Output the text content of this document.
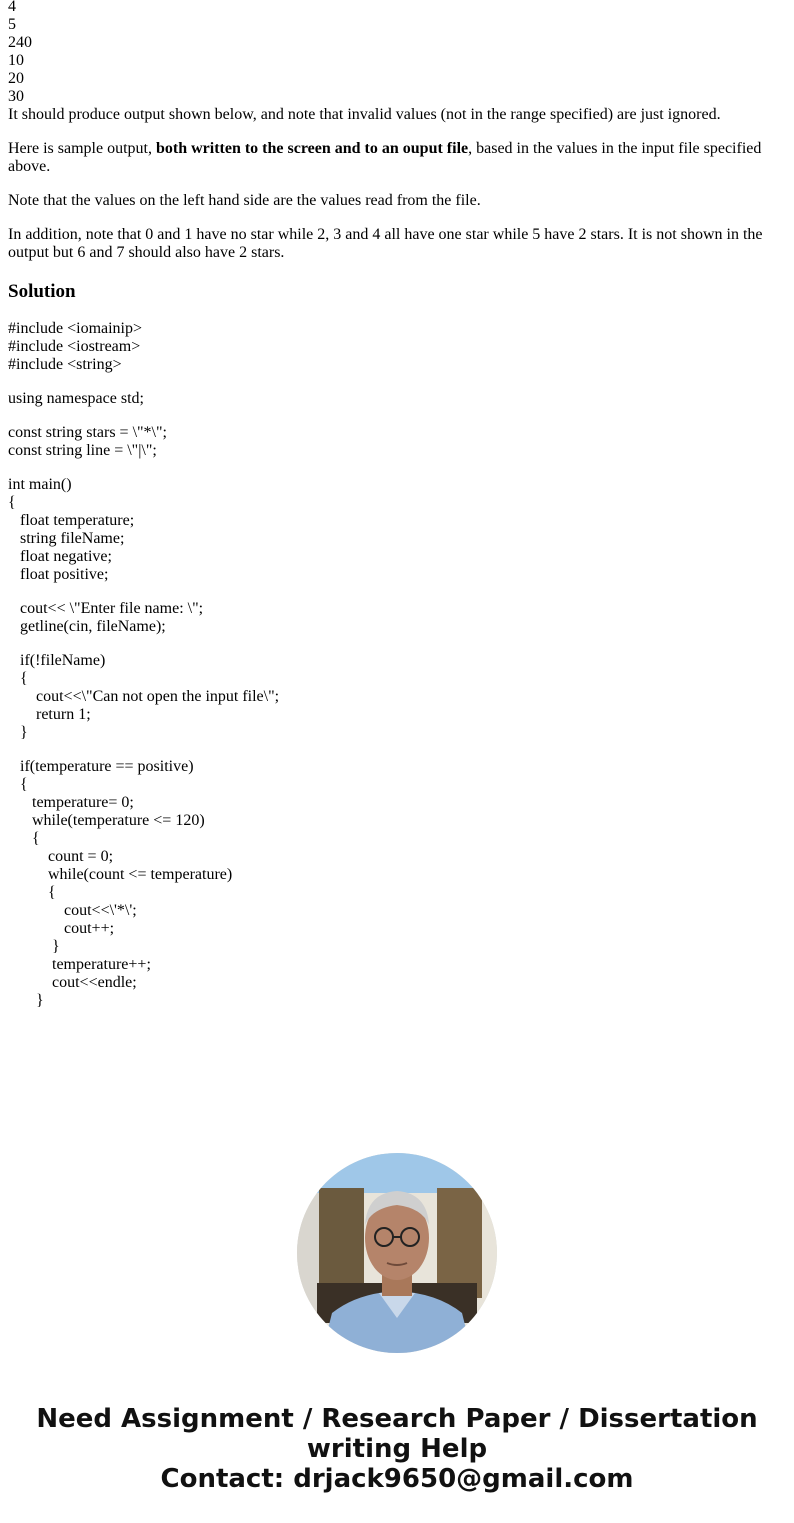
4
5
240
10
20
30

It should produce output shown below, and note that invalid values (not in the range specified) are just ignored.

Here is sample output, both written to the screen and to an ouput file, based in the values in the input file specified above.

Note that the values on the left hand side are the values read from the file.

In addition, note that 0 and 1 have no star while 2, 3 and 4 all have one star while 5 have 2 stars. It is not shown in the output but 6 and 7 should also have 2 stars.

Solution
#include <iomainip>
#include <iostream>
#include <string>
using namespace std;
const string stars = \"*\";
const string line = \"|\";
int main()
{
float temperature;
string fileName;
float negative;
float positive;
cout<< \"Enter file name: \";
getline(cin, fileName);
if(!fileName)
{
cout<<\"Can not open the input file\";
return 1;
}
if(temperature == positive)
{
temperature= 0;
while(temperature <= 120)
{
count = 0;
while(count <= temperature)
{
cout<<\'*\';
cout++;
}
temperature++;
cout<<endle;
}
Need Assignment / Research Paper / Dissertation
writing Help
Contact: drjack9650@gmail.com
